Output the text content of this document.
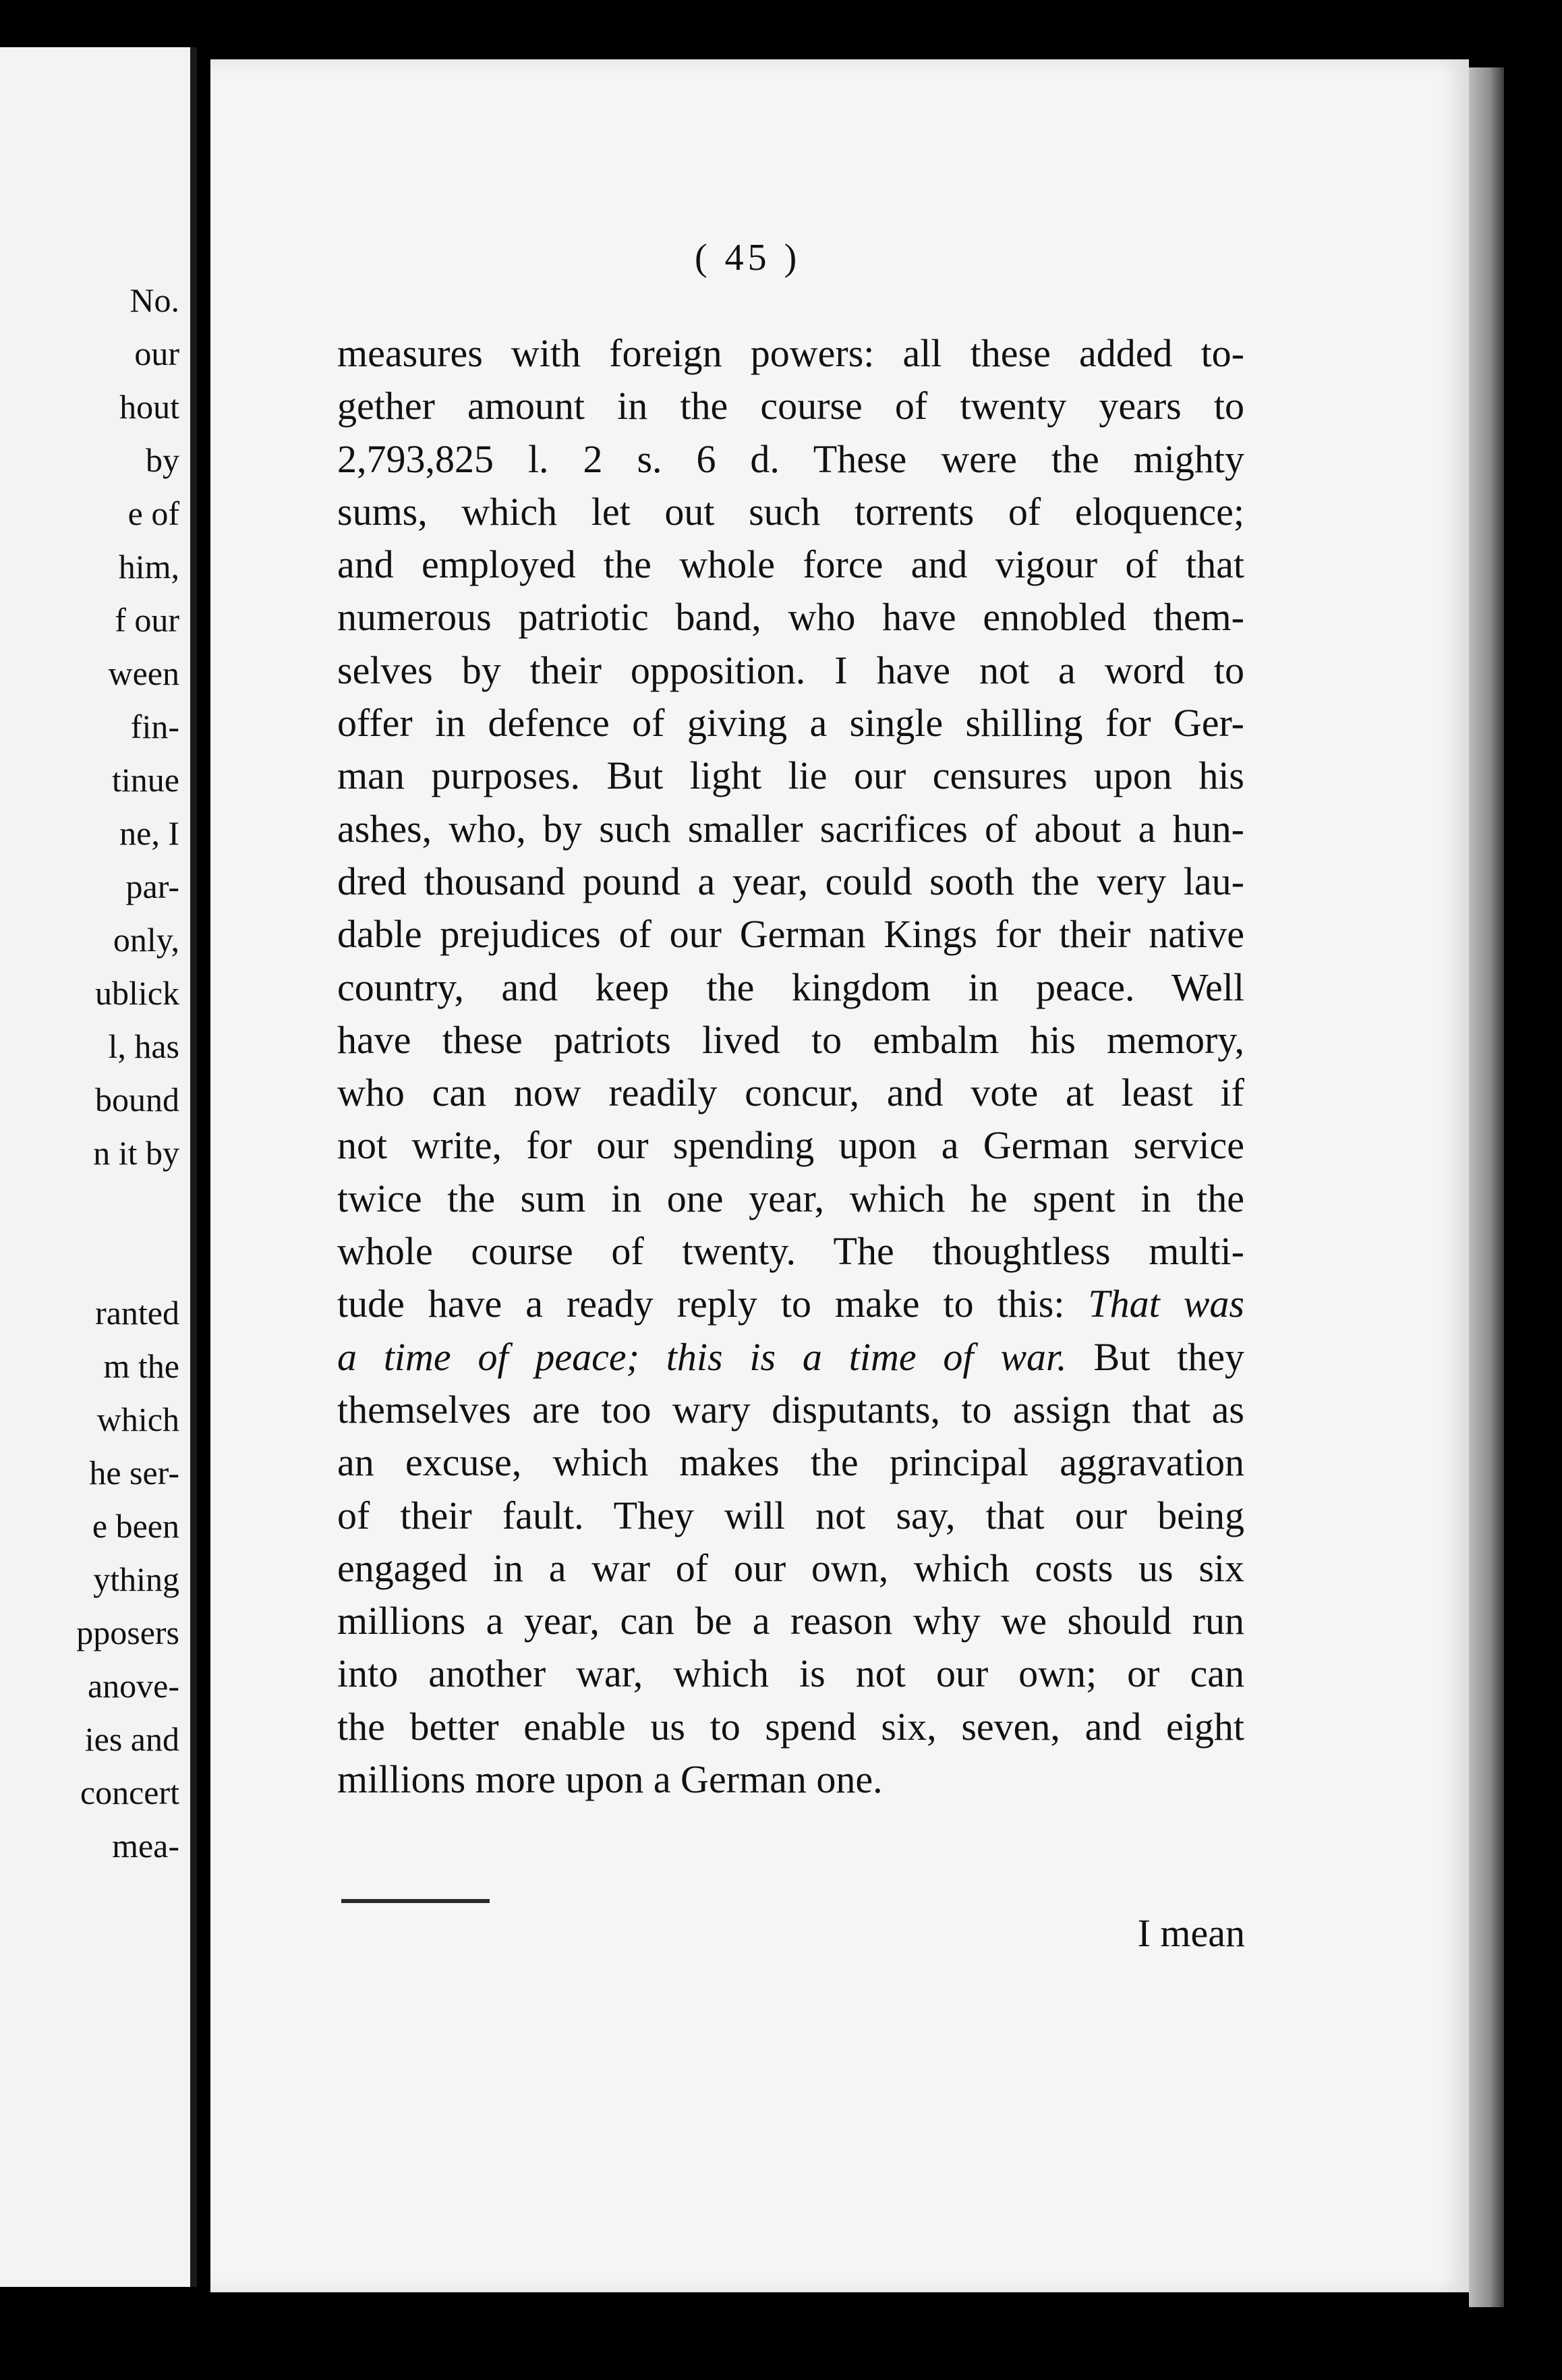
No.
our
hout
by
e of
him,
f our
ween
fin-
tinue
ne, I
par-
only,
ublick
l, has
bound
n it by
ranted
m the
which
he ser-
e been
ything
pposers
anove-
ies and
concert
mea-
( 45 )
measures with foreign powers: all these added to-
gether amount in the course of twenty years to
2,793,825 l. 2 s. 6 d. These were the mighty
sums, which let out such torrents of eloquence;
and employed the whole force and vigour of that
numerous patriotic band, who have ennobled them-
selves by their opposition. I have not a word to
offer in defence of giving a single shilling for Ger-
man purposes. But light lie our censures upon his
ashes, who, by such smaller sacrifices of about a hun-
dred thousand pound a year, could sooth the very lau-
dable prejudices of our German Kings for their native
country, and keep the kingdom in peace. Well
have these patriots lived to embalm his memory,
who can now readily concur, and vote at least if
not write, for our spending upon a German service
twice the sum in one year, which he spent in the
whole course of twenty. The thoughtless multi-
tude have a ready reply to make to this: That was
a time of peace; this is a time of war. But they
themselves are too wary disputants, to assign that as
an excuse, which makes the principal aggravation
of their fault. They will not say, that our being
engaged in a war of our own, which costs us six
millions a year, can be a reason why we should run
into another war, which is not our own; or can
the better enable us to spend six, seven, and eight
millions more upon a German one.
I mean
